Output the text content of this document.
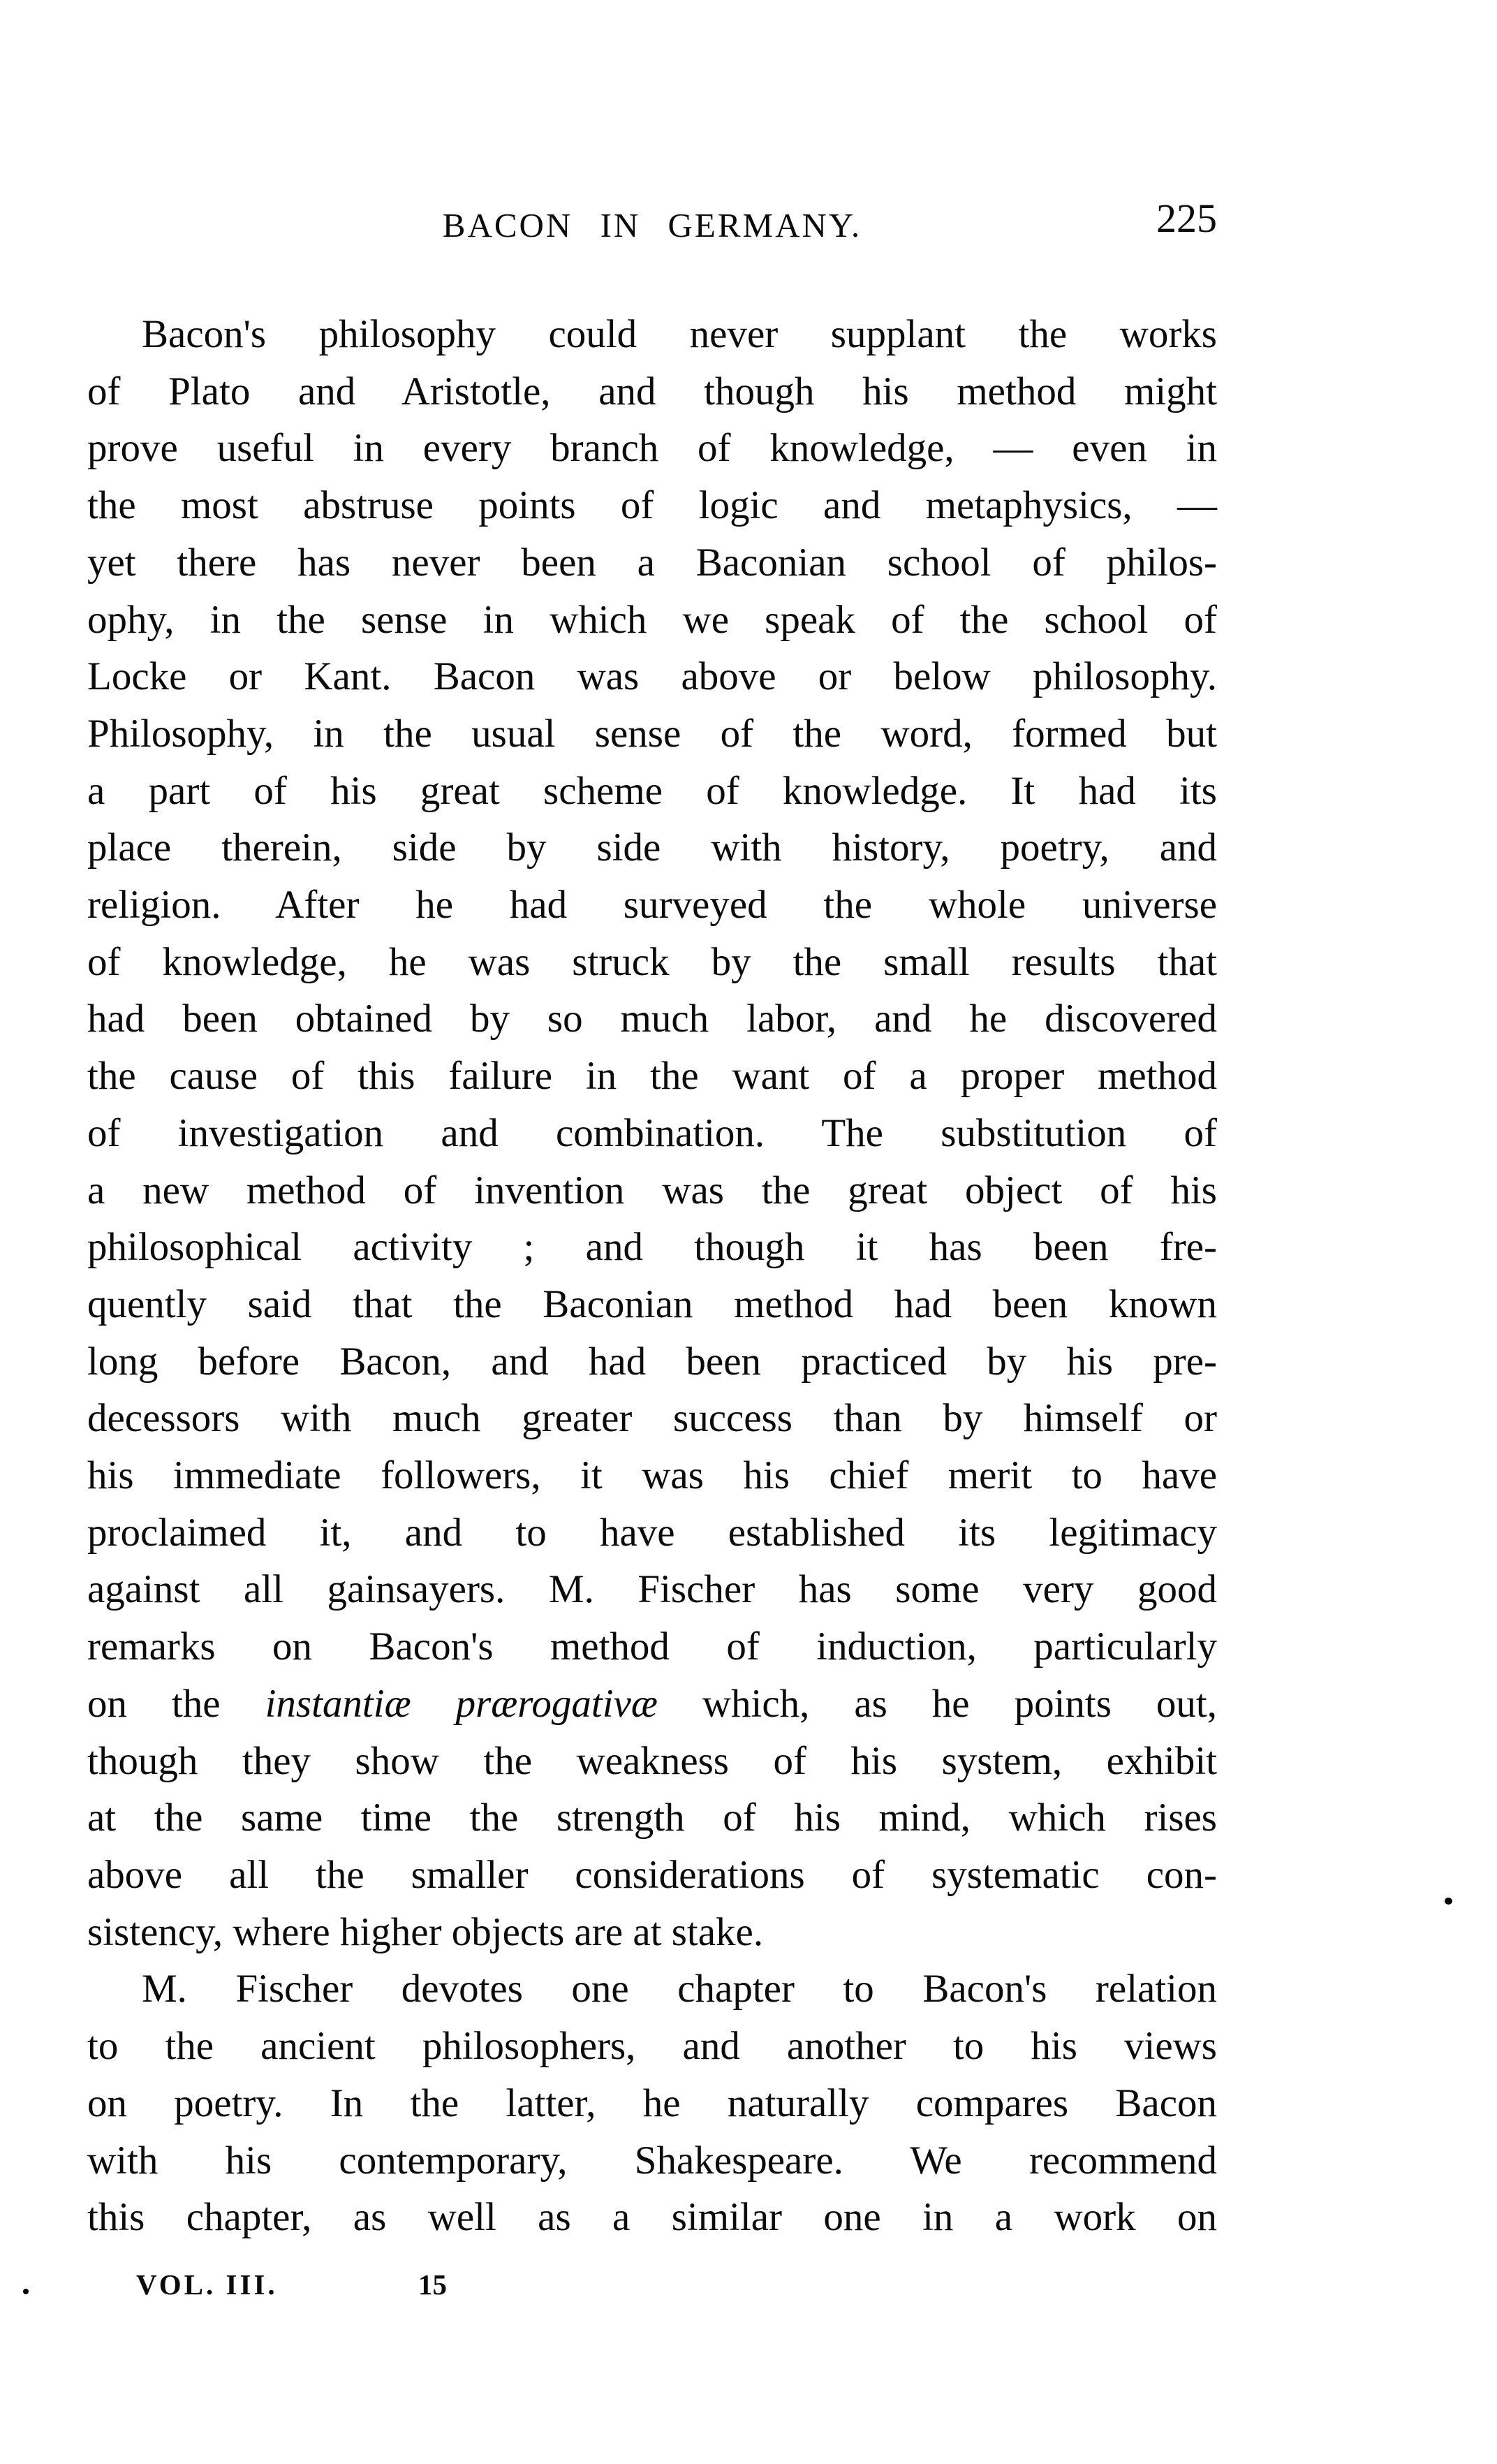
BACON IN GERMANY.	225
Bacon's philosophy could never supplant the works
of Plato and Aristotle, and though his method might
prove useful in every branch of knowledge, — even in
the most abstruse points of logic and metaphysics, —
yet there has never been a Baconian school of philos-
ophy, in the sense in which we speak of the school of
Locke or Kant. Bacon was above or below philosophy.
Philosophy, in the usual sense of the word, formed but
a part of his great scheme of knowledge. It had its
place therein, side by side with history, poetry, and
religion. After he had surveyed the whole universe
of knowledge, he was struck by the small results that
had been obtained by so much labor, and he discovered
the cause of this failure in the want of a proper method
of investigation and combination. The substitution of
a new method of invention was the great object of his
philosophical activity ; and though it has been fre-
quently said that the Baconian method had been known
long before Bacon, and had been practiced by his pre-
decessors with much greater success than by himself or
his immediate followers, it was his chief merit to have
proclaimed it, and to have established its legitimacy
against all gainsayers. M. Fischer has some very good
remarks on Bacon's method of induction, particularly
on the instantiæ prærogativæ which, as he points out,
though they show the weakness of his system, exhibit
at the same time the strength of his mind, which rises
above all the smaller considerations of systematic con-
sistency, where higher objects are at stake.
M. Fischer devotes one chapter to Bacon's relation
to the ancient philosophers, and another to his views
on poetry. In the latter, he naturally compares Bacon
with his contemporary, Shakespeare. We recommend
this chapter, as well as a similar one in a work on
VOL. III.	15
